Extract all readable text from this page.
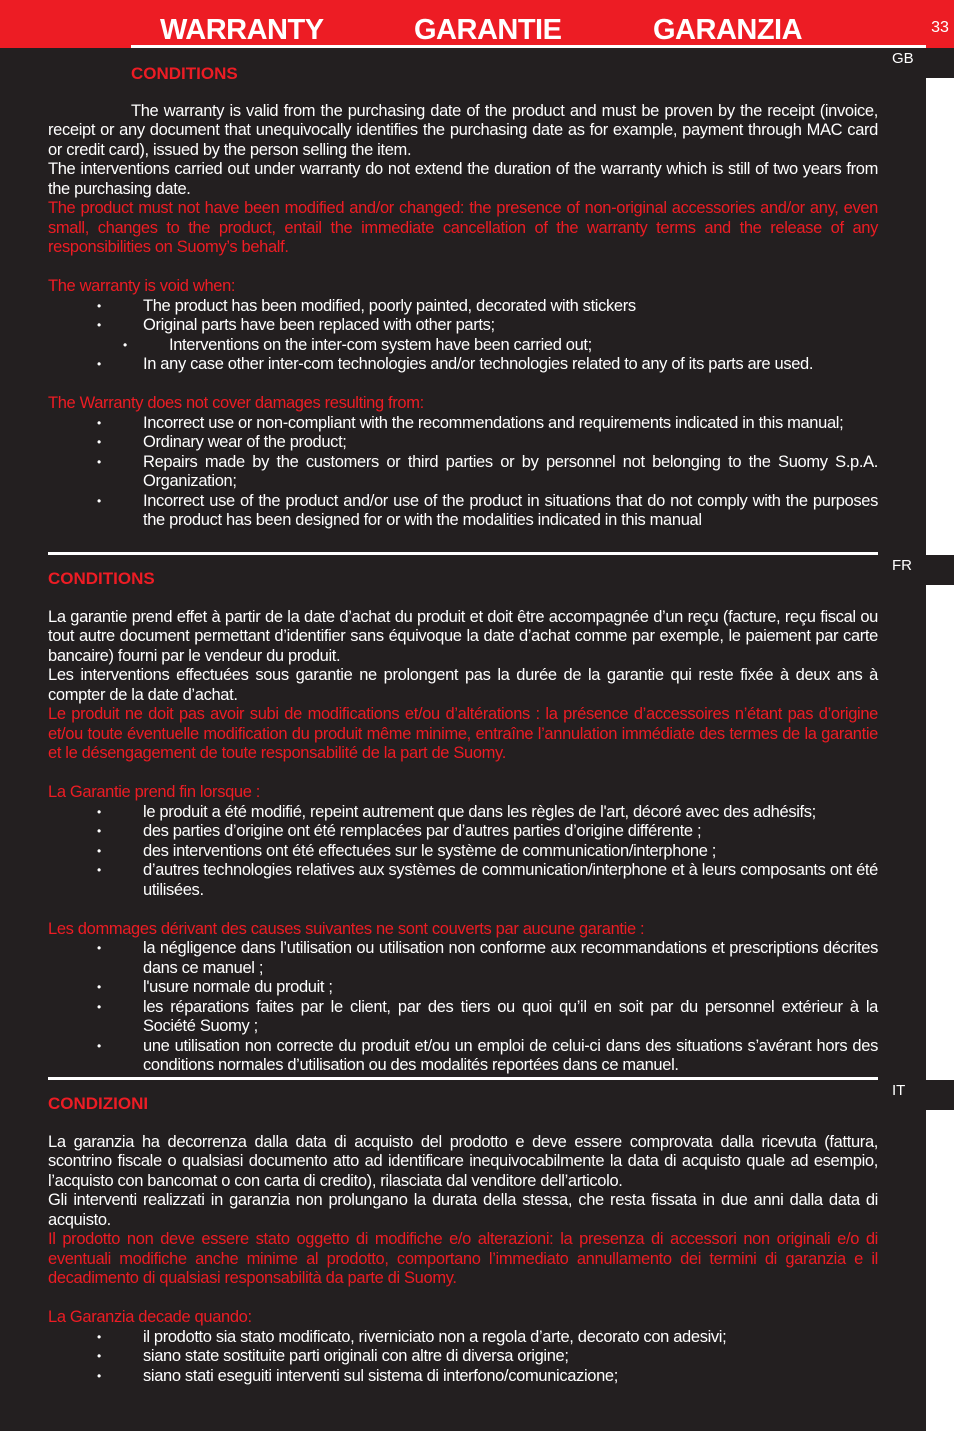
33
WARRANTY	GARANTIE	GARANZIA
GB
FR
IT
CONDITIONS

The warranty is valid from the purchasing date of the product and must be proven by the receipt (invoice, receipt or any document that unequivocally identifies the purchasing date as for example, payment through MAC card or credit card), issued by the person selling the item.

The interventions carried out under warranty do not extend the duration of the warranty which is still of two years from the purchasing date.

The product must not have been modified and/or changed: the presence of non-original accessories and/or any, even small, changes to the product, entail the immediate cancellation of the warranty terms and the release of any responsibilities on Suomy’s behalf.

The warranty is void when:

• The product has been modified, poorly painted, decorated with stickers
• Original parts have been replaced with other parts;
• Interventions on the inter-com system have been carried out;
• In any case other inter-com technologies and/or technologies related to any of its parts are used.

The Warranty does not cover damages resulting from:

• Incorrect use or non-compliant with the recommendations and requirements indicated in this manual;
• Ordinary wear of the product;
• Repairs made by the customers or third parties or by personnel not belonging to the Suomy S.p.A. Organization;
• Incorrect use of the product and/or use of the product in situations that do not comply with the purposes the product has been designed for or with the modalities indicated in this manual
CONDITIONS

La garantie prend effet à partir de la date d’achat du produit et doit être accompagnée d’un reçu (facture, reçu fiscal ou tout autre document permettant d’identifier sans équivoque la date d’achat comme par exemple, le paiement par carte bancaire) fourni par le vendeur du produit.

Les interventions effectuées sous garantie ne prolongent pas la durée de la garantie qui reste fixée à deux ans à compter de la date d’achat.

Le produit ne doit pas avoir subi de modifications et/ou d’altérations : la présence d’accessoires n’étant pas d’origine et/ou toute éventuelle modification du produit même minime, entraîne l’annulation immédiate des termes de la garantie et le désengagement de toute responsabilité de la part de Suomy.

La Garantie prend fin lorsque :

• le produit a été modifié, repeint autrement que dans les règles de l'art, décoré avec des adhésifs;
• des parties d’origine ont été remplacées par d’autres parties d’origine différente ;
• des interventions ont été effectuées sur le système de communication/interphone ;
• d’autres technologies relatives aux systèmes de communication/interphone et à leurs composants ont été utilisées.

Les dommages dérivant des causes suivantes ne sont couverts par aucune garantie :

• la négligence dans l’utilisation ou utilisation non conforme aux recommandations et prescriptions décrites dans ce manuel ;
• l'usure normale du produit ;
• les réparations faites par le client, par des tiers ou quoi qu’il en soit par du personnel extérieur à la Société Suomy ;
• une utilisation non correcte du produit et/ou un emploi de celui-ci dans des situations s’avérant hors des conditions normales d’utilisation ou des modalités reportées dans ce manuel.
CONDIZIONI

La garanzia ha decorrenza dalla data di acquisto del prodotto e deve essere comprovata dalla ricevuta (fattura, scontrino fiscale o qualsiasi documento atto ad identificare inequivocabilmente la data di acquisto quale ad esempio, l’acquisto con bancomat o con carta di credito), rilasciata dal venditore dell’articolo.

Gli interventi realizzati in garanzia non prolungano la durata della stessa, che resta fissata in due anni dalla data di acquisto.

Il prodotto non deve essere stato oggetto di modifiche e/o alterazioni: la presenza di accessori non originali e/o di eventuali modifiche anche minime al prodotto, comportano l’immediato annullamento dei termini di garanzia e il decadimento di qualsiasi responsabilità da parte di Suomy.

La Garanzia decade quando:

• il prodotto sia stato modificato, riverniciato non a regola d’arte, decorato con adesivi;
• siano state sostituite parti originali con altre di diversa origine;
• siano stati eseguiti interventi sul sistema di interfono/comunicazione;
